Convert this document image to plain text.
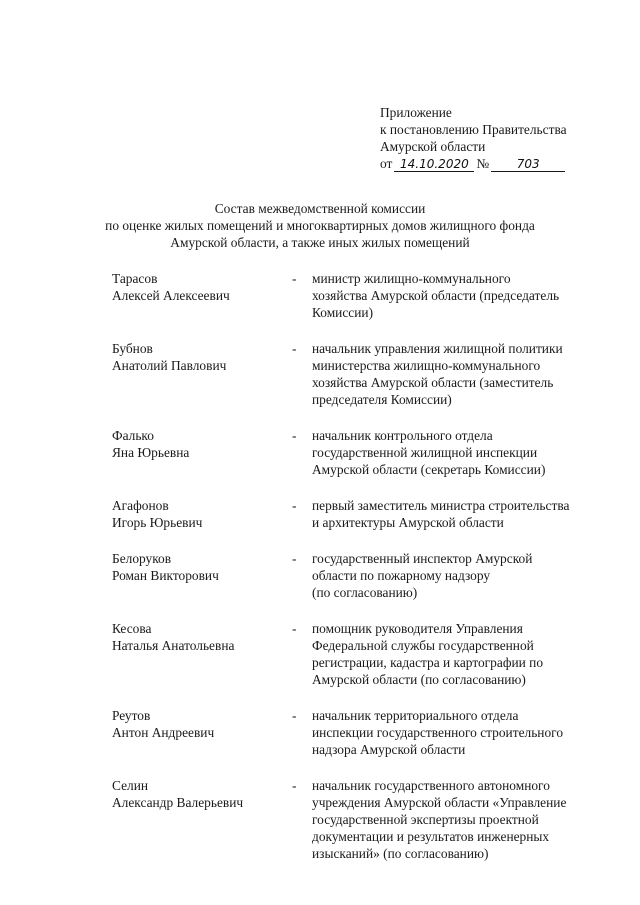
Приложение
к постановлению Правительства
Амурской области
от 14.10.2020 №	703
Состав межведомственной комиссии
по оценке жилых помещений и многоквартирных домов жилищного фонда
Амурской области, а также иных жилых помещений
Тарасов
Алексей Алексеевич
-	министр жилищно-коммунального
хозяйства Амурской области (председатель
Комиссии)
Бубнов
Анатолий Павлович
-	начальник управления жилищной политики
министерства жилищно-коммунального
хозяйства Амурской области (заместитель
председателя Комиссии)
Фалько
Яна Юрьевна
-	начальник контрольного отдела
государственной жилищной инспекции
Амурской области (секретарь Комиссии)
Агафонов
Игорь Юрьевич
-	первый заместитель министра строительства
и архитектуры Амурской области
Белоруков
Роман Викторович
-	государственный инспектор Амурской
области по пожарному надзору
(по согласованию)
Кесова
Наталья Анатольевна
-	помощник руководителя Управления
Федеральной службы государственной
регистрации, кадастра и картографии по
Амурской области (по согласованию)
Реутов
Антон Андреевич
-	начальник территориального отдела
инспекции государственного строительного
надзора Амурской области
Селин
Александр Валерьевич
-	начальник государственного автономного
учреждения Амурской области «Управление
государственной экспертизы проектной
документации и результатов инженерных
изысканий» (по согласованию)
